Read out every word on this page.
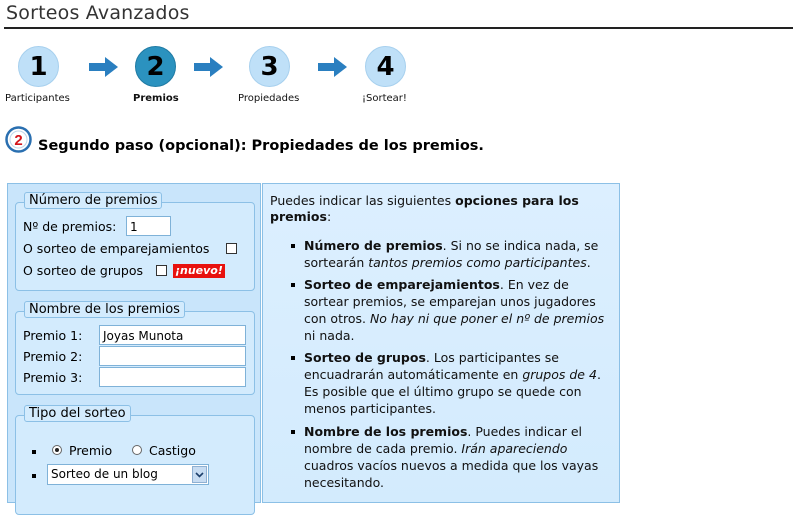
Sorteos Avanzados
1
Participantes
2
Premios
3
Propiedades
4
¡Sortear!
2 Segundo paso (opcional): Propiedades de los premios.
Nº de premios:	1
O sorteo de emparejamientos
O sorteo de grupos	¡nuevo!
Número de premios
Premio 1:	Joyas Munota
Premio 2:
Premio 3:
Nombre de los premios
Premio	Castigo
Sorteo de un blog
Tipo del sorteo
Puedes indicar las siguientes opciones para los
premios:
Número de premios. Si no se indica nada, se
sortearán tantos premios como participantes.
Sorteo de emparejamientos. En vez de
sortear premios, se emparejan unos jugadores
con otros. No hay ni que poner el nº de premios
ni nada.
Sorteo de grupos. Los participantes se
encuadrarán automáticamente en grupos de 4.
Es posible que el último grupo se quede con
menos participantes.
Nombre de los premios. Puedes indicar el
nombre de cada premio. Irán apareciendo
cuadros vacíos nuevos a medida que los vayas
necesitando.
